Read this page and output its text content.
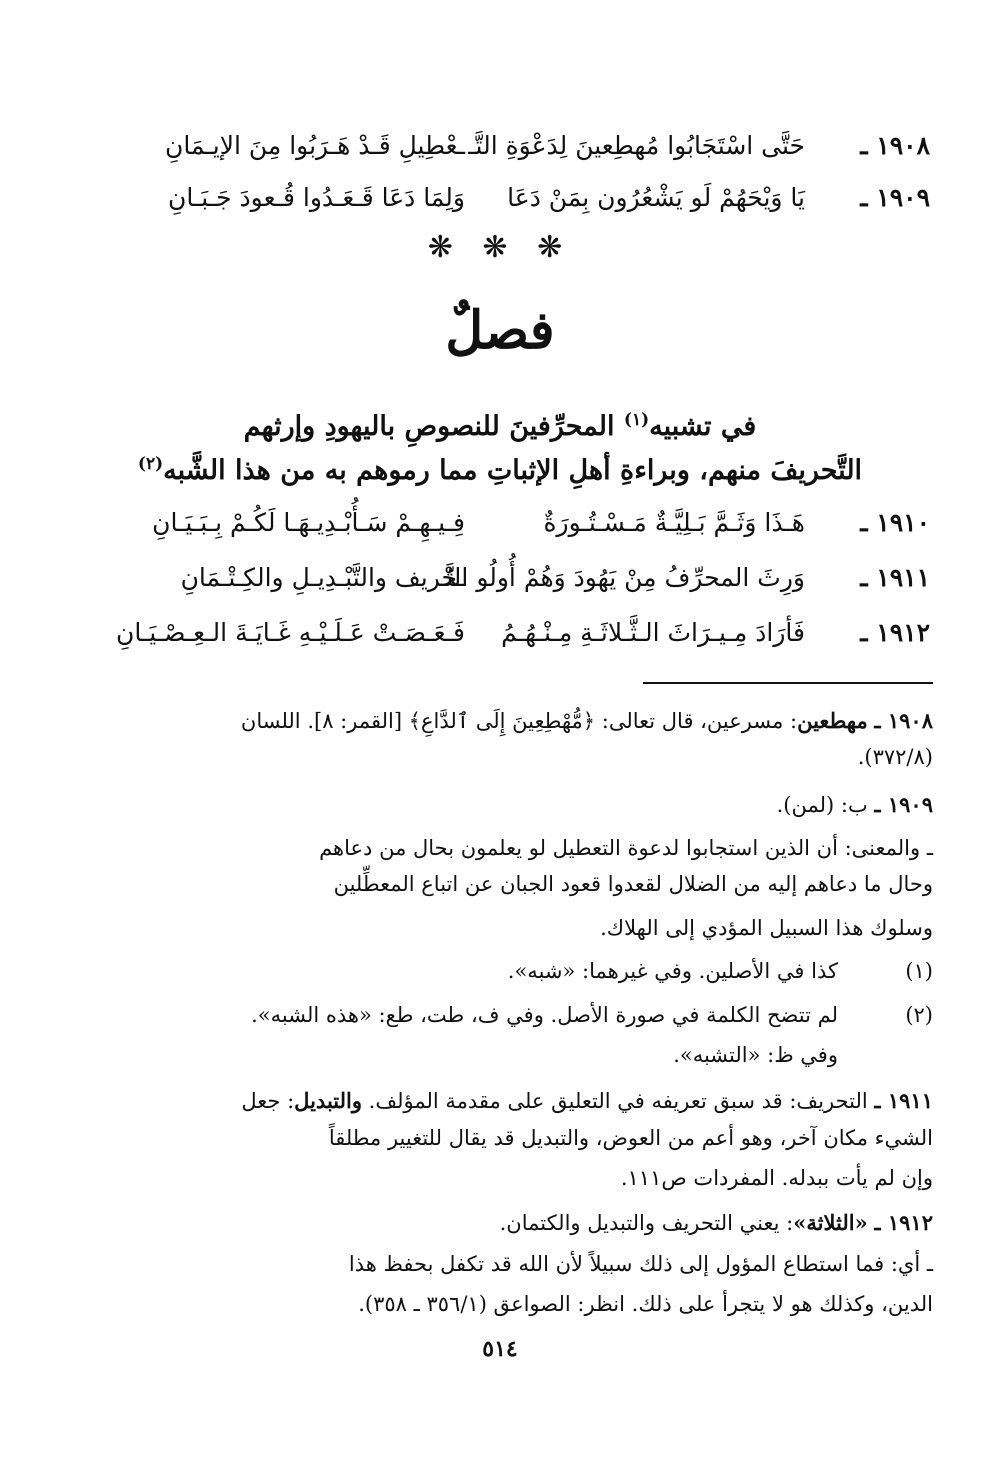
١٩٠٨ ـ
حَتَّى اسْتَجَابُوا مُهطِعينَ لِدَعْوَةِ التَّـ
ـعْطِيلِ قَـدْ هَـرَبُوا مِنَ الإيـمَانِ
١٩٠٩ ـ
يَا وَيْحَهُمْ لَو يَشْعُرُون بِمَنْ دَعَا
وَلِمَا دَعَا قَـعَـدُوا قُـعودَ جَـبَـانِ
❋ ❋ ❋
فصلٌ
في تشبيه$^{(١)}$ المحرِّفينَ للنصوصِ باليهودِ وإرثهم
التَّحريفَ منهم، وبراءةِ أهلِ الإثباتِ مما رموهم به من هذا الشَّبه$^{(٢)}$
١٩١٠ ـ
هَـذَا وَثَـمَّ بَـلِيَّـةٌ مَـسْـتُـورَةٌ
فِـيـهِـمْ سَـأُبْـدِيـهَـا لَكُـمْ بِـبَـيَـانِ
١٩١١ ـ
وَرِثَ المحرِّفُ مِنْ يَهُودَ وَهُمْ أُولُو التَّـ
ـحْريف والتَّبْـدِيـلِ والكِـتْـمَانِ
١٩١٢ ـ
فَأرَادَ مِـيـرَاثَ الـثَّـلاثَـةِ مِـنْـهُـمُ
فَـعَـصَـتْ عَـلَـيْـهِ غَـايَـةَ الـعِـصْـيَـانِ
١٩٠٨ ـ مهطعين: مسرعين، قال تعالى: ﴿مُّهْطِعِينَ إِلَى ٱلدَّاعِ﴾ [القمر: ٨]. اللسان
(٣٧٢/٨).
١٩٠٩ ـ ب: (لمن).
ـ والمعنى: أن الذين استجابوا لدعوة التعطيل لو يعلمون بحال من دعاهم
وحال ما دعاهم إليه من الضلال لقعدوا قعود الجبان عن اتباع المعطِّلين
وسلوك هذا السبيل المؤدي إلى الهلاك.
(١)
كذا في الأصلين. وفي غيرهما: «شبه».
(٢)
لم تتضح الكلمة في صورة الأصل. وفي ف، طت، طع: «هذه الشبه».
وفي ظ: «التشبه».
١٩١١ ـ التحريف: قد سبق تعريفه في التعليق على مقدمة المؤلف. والتبديل: جعل
الشيء مكان آخر، وهو أعم من العوض، والتبديل قد يقال للتغيير مطلقاً
وإن لم يأت ببدله. المفردات ص١١١.
١٩١٢ ـ «الثلاثة»: يعني التحريف والتبديل والكتمان.
ـ أي: فما استطاع المؤول إلى ذلك سبيلاً لأن الله قد تكفل بحفظ هذا
الدين، وكذلك هو لا يتجرأ على ذلك. انظر: الصواعق (٣٥٦/١ ـ ٣٥٨).
٥١٤
